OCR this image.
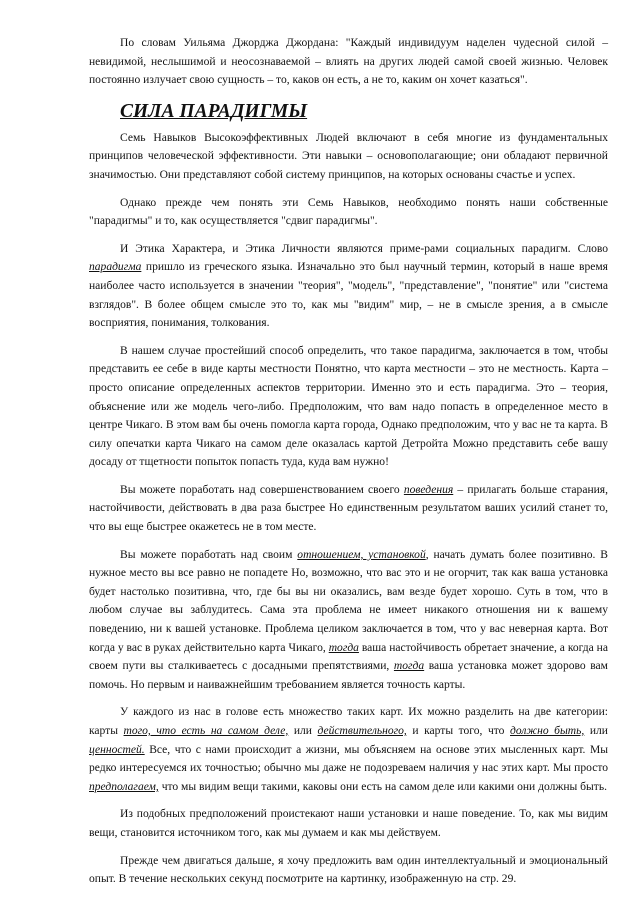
По словам Уильяма Джорджа Джордана: "Каждый индивидуум наделен чудесной силой – невидимой, неслышимой и неосознаваемой – влиять на других людей самой своей жизнью. Человек постоянно излучает свою сущность – то, каков он есть, а не то, каким он хочет казаться".

СИЛА ПАРАДИГМЫ

Семь Навыков Высокоэффективных Людей включают в себя многие из фундаментальных принципов человеческой эффективности. Эти навыки – основополагающие; они обладают первичной значимостью. Они представляют собой систему принципов, на которых основаны счастье и успех.

Однако прежде чем понять эти Семь Навыков, необходимо понять наши собственные "парадигмы" и то, как осуществляется "сдвиг парадигмы".

И Этика Характера, и Этика Личности являются приме-рами социальных парадигм. Слово парадигма пришло из греческого языка. Изначально это был научный термин, который в наше время наиболее часто используется в значении "теория", "модель", "представление", "понятие" или "система взглядов". В более общем смысле это то, как мы "видим" мир, – не в смысле зрения, а в смысле восприятия, понимания, толкования.

В нашем случае простейший способ определить, что такое парадигма, заключается в том, чтобы представить ее себе в виде карты местности Понятно, что карта местности – это не местность. Карта – просто описание определенных аспектов территории. Именно это и есть парадигма. Это – теория, объяснение или же модель чего-либо. Предположим, что вам надо попасть в определенное место в центре Чикаго. В этом вам бы очень помогла карта города, Однако предположим, что у вас не та карта. В силу опечатки карта Чикаго на самом деле оказалась картой Детройта Можно представить себе вашу досаду от тщетности попыток попасть туда, куда вам нужно!

Вы можете поработать над совершенствованием своего поведения – прилагать больше старания, настойчивости, действовать в два раза быстрее Но единственным результатом ваших усилий станет то, что вы еще быстрее окажетесь не в том месте.

Вы можете поработать над своим отношением, установкой, начать думать более позитивно. В нужное место вы все равно не попадете Но, возможно, что вас это и не огорчит, так как ваша установка будет настолько позитивна, что, где бы вы ни оказались, вам везде будет хорошо. Суть в том, что в любом случае вы заблудитесь. Сама эта проблема не имеет никакого отношения ни к вашему поведению, ни к вашей установке. Проблема целиком заключается в том, что у вас неверная карта. Вот когда у вас в руках действительно карта Чикаго, тогда ваша настойчивость обретает значение, а когда на своем пути вы сталкиваетесь с досадными препятствиями, тогда ваша установка может здорово вам помочь. Но первым и наиважнейшим требованием является точность карты.

У каждого из нас в голове есть множество таких карт. Их можно разделить на две категории: карты того, что есть на самом деле, или действительного, и карты того, что должно быть, или ценностей. Все, что с нами происходит а жизни, мы объясняем на основе этих мысленных карт. Мы редко интересуемся их точностью; обычно мы даже не подозреваем наличия у нас этих карт. Мы просто предполагаем, что мы видим вещи такими, каковы они есть на самом деле или какими они должны быть.

Из подобных предположений проистекают наши установки и наше поведение. То, как мы видим вещи, становится источником того, как мы думаем и как мы действуем.

Прежде чем двигаться дальше, я хочу предложить вам один интеллектуальный и эмоциональный опыт. В течение нескольких секунд посмотрите на картинку, изображенную на стр. 29.
